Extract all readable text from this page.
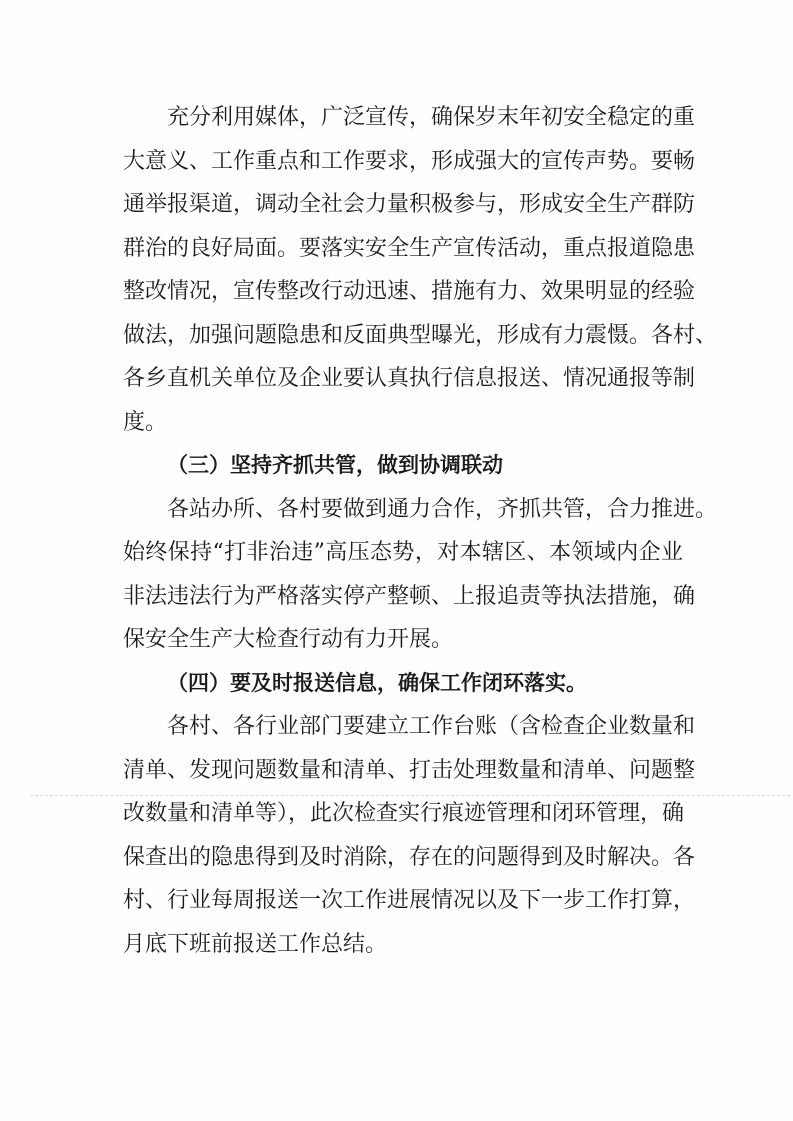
充分利用媒体，广泛宣传，确保岁末年初安全稳定的重
大意义、工作重点和工作要求，形成强大的宣传声势。要畅
通举报渠道，调动全社会力量积极参与，形成安全生产群防
群治的良好局面。要落实安全生产宣传活动，重点报道隐患
整改情况，宣传整改行动迅速、措施有力、效果明显的经验
做法，加强问题隐患和反面典型曝光，形成有力震慑。各村、
各乡直机关单位及企业要认真执行信息报送、情况通报等制
度。
（三）坚持齐抓共管，做到协调联动
各站办所、各村要做到通力合作，齐抓共管，合力推进。
始终保持“打非治违”高压态势，对本辖区、本领域内企业
非法违法行为严格落实停产整顿、上报追责等执法措施，确
保安全生产大检查行动有力开展。
（四）要及时报送信息，确保工作闭环落实。
各村、各行业部门要建立工作台账（含检查企业数量和
清单、发现问题数量和清单、打击处理数量和清单、问题整
改数量和清单等），此次检查实行痕迹管理和闭环管理，确
保查出的隐患得到及时消除，存在的问题得到及时解决。各
村、行业每周报送一次工作进展情况以及下一步工作打算，
月底下班前报送工作总结。
